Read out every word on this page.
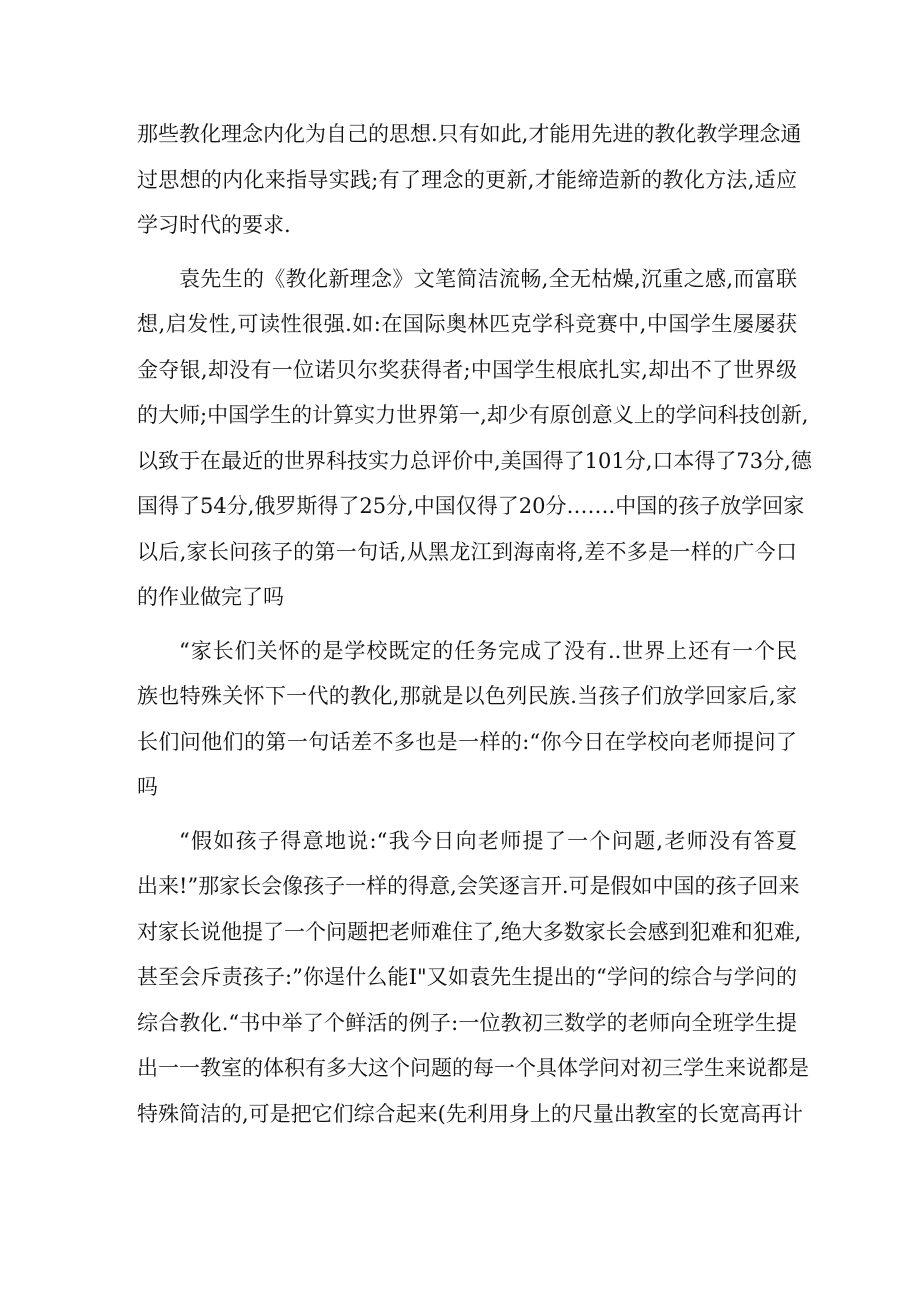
那些教化理念内化为自己的思想.只有如此,才能用先进的教化教学理念通
过思想的内化来指导实践;有了理念的更新,才能缔造新的教化方法,适应
学习时代的要求.
袁先生的《教化新理念》文笔简洁流畅,全无枯燥,沉重之感,而富联
想,启发性,可读性很强.如:在国际奥林匹克学科竞赛中,中国学生屡屡获
金夺银,却没有一位诺贝尔奖获得者;中国学生根底扎实,却出不了世界级
的大师;中国学生的计算实力世界第一,却少有原创意义上的学问科技创新,
以致于在最近的世界科技实力总评价中,美国得了101分,口本得了73分,德
国得了54分,俄罗斯得了25分,中国仅得了20分…….中国的孩子放学回家
以后,家长问孩子的第一句话,从黑龙江到海南将,差不多是一样的广今口
的作业做完了吗
“家长们关怀的是学校既定的任务完成了没有..世界上还有一个民
族也特殊关怀下一代的教化,那就是以色列民族.当孩子们放学回家后,家
长们问他们的第一句话差不多也是一样的:“你今日在学校向老师提问了
吗
“假如孩子得意地说:“我今日向老师提了一个问题,老师没有答夏
出来!”那家长会像孩子一样的得意,会笑逐言开.可是假如中国的孩子回来
对家长说他提了一个问题把老师难住了,绝大多数家长会感到犯难和犯难,
甚至会斥责孩子:”你逞什么能I"又如袁先生提出的“学问的综合与学问的
综合教化.“书中举了个鲜活的例子:一位教初三数学的老师向全班学生提
出一一教室的体积有多大这个问题的每一个具体学问对初三学生来说都是
特殊简洁的,可是把它们综合起来(先利用身上的尺量出教室的长宽高再计
